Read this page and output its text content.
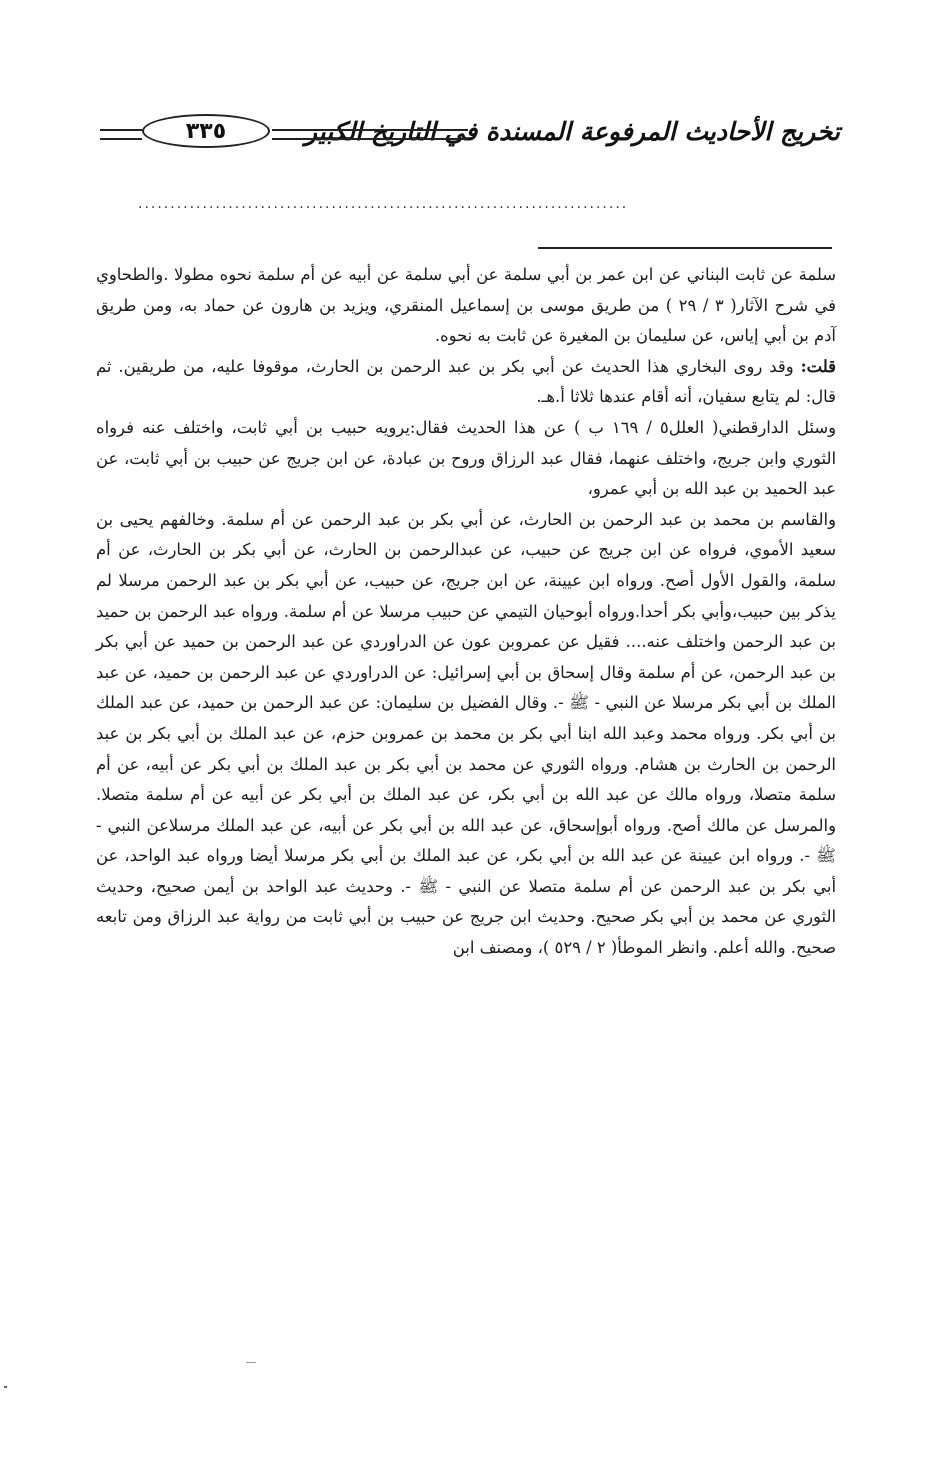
تخريج الأحاديث المرفوعة المسندة في التاريخ الكبير
٣٣٥
............................................................................

سلمة عن ثابت البناني عن ابن عمر بن أبي سلمة عن أبي سلمة عن أبيه عن أم سلمة نحوه مطولا .والطحاوي في شرح الآثار( ٣ / ٢٩ ) من طريق موسى بن إسماعيل المنقري، ويزيد بن هارون عن حماد به، ومن طريق آدم بن أبي إياس، عن سليمان بن المغيرة عن ثابت به نحوه.

قلت: وقد روى البخاري هذا الحديث عن أبي بكر بن عبد الرحمن بن الحارث، موقوفا عليه، من طريقين. ثم قال: لم يتابع سفيان، أنه أقام عندها ثلاثا أ.هـ.

وسئل الدارقطني( العلل٥ / ١٦٩ ب ) عن هذا الحديث فقال:يرويه حبيب بن أبي ثابت، واختلف عنه فرواه الثوري وابن جريج، واختلف عنهما، فقال عبد الرزاق وروح بن عبادة، عن ابن جريج عن حبيب بن أبي ثابت، عن عبد الحميد بن عبد الله بن أبي عمرو،

والقاسم بن محمد بن عبد الرحمن بن الحارث، عن أبي بكر بن عبد الرحمن عن أم سلمة. وخالفهم يحيى بن سعيد الأموي، فرواه عن ابن جريج عن حبيب، عن عبدالرحمن بن الحارث، عن أبي بكر بن الحارث، عن أم سلمة، والقول الأول أصح. ورواه ابن عيينة، عن ابن جريج، عن حبيب، عن أبي بكر بن عبد الرحمن مرسلا لم يذكر بين حبيب،وأبي بكر أحدا.ورواه أبوحيان التيمي عن حبيب مرسلا عن أم سلمة. ورواه عبد الرحمن بن حميد بن عبد الرحمن واختلف عنه.... فقيل عن عمروبن عون عن الدراوردي عن عبد الرحمن بن حميد عن أبي بكر بن عبد الرحمن، عن أم سلمة وقال إسحاق بن أبي إسرائيل: عن الدراوردي عن عبد الرحمن بن حميد، عن عبد الملك بن أبي بكر مرسلا عن النبي - ﷺ -. وقال الفضيل بن سليمان: عن عبد الرحمن بن حميد، عن عبد الملك بن أبي بكر. ورواه محمد وعبد الله ابنا أبي بكر بن محمد بن عمروبن حزم، عن عبد الملك بن أبي بكر بن عبد الرحمن بن الحارث بن هشام. ورواه الثوري عن محمد بن أبي بكر بن عبد الملك بن أبي بكر عن أبيه، عن أم سلمة متصلا، ورواه مالك عن عبد الله بن أبي بكر، عن عبد الملك بن أبي بكر عن أبيه عن أم سلمة متصلا. والمرسل عن مالك أصح. ورواه أبوإسحاق، عن عبد الله بن أبي بكر عن أبيه، عن عبد الملك مرسلاعن النبي - ﷺ -. ورواه ابن عيينة عن عبد الله بن أبي بكر، عن عبد الملك بن أبي بكر مرسلا أيضا ورواه عبد الواحد، عن أبي بكر بن عبد الرحمن عن أم سلمة متصلا عن النبي - ﷺ -. وحديث عبد الواحد بن أيمن صحيح، وحديث الثوري عن محمد بن أبي بكر صحيح. وحديث ابن جريج عن حبيب بن أبي ثابت من رواية عبد الرزاق ومن تابعه صحيح. والله أعلم. وانظر الموطأ( ٢ / ٥٢٩ )، ومصنف ابن
